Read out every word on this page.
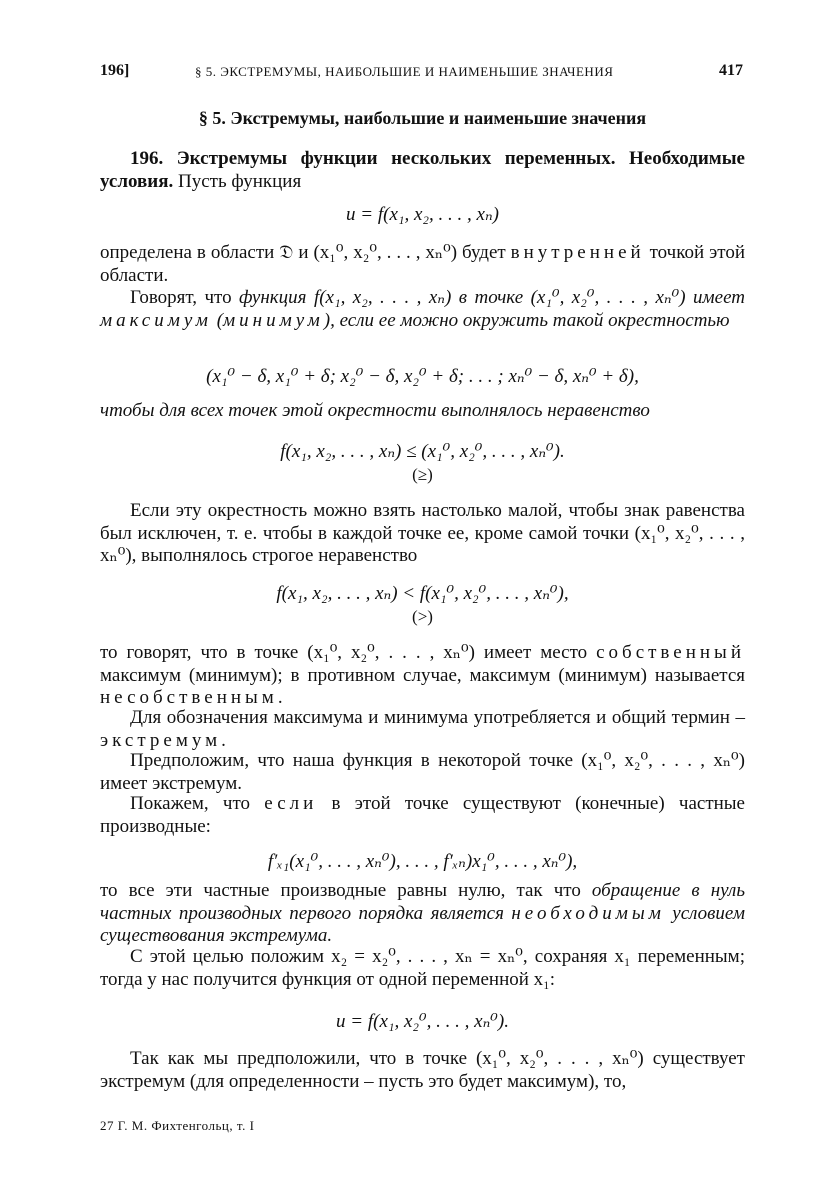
196]	§ 5. ЭКСТРЕМУМЫ, НАИБОЛЬШИЕ И НАИМЕНЬШИЕ ЗНАЧЕНИЯ	417
§ 5. Экстремумы, наибольшие и наименьшие значения

196. Экстремумы функции нескольких переменных. Необходимые условия. Пусть функция

u = f(x₁, x₂, . . . , xₙ)

определена в области 𝔇 и (x₁⁰, x₂⁰, . . . , xₙ⁰) будет внутренней точкой этой области.

Говорят, что функция f(x₁, x₂, . . . , xₙ) в точке (x₁⁰, x₂⁰, . . . , xₙ⁰) имеет максимум (минимум), если ее можно окружить такой окрестностью

(x₁⁰ − δ, x₁⁰ + δ; x₂⁰ − δ, x₂⁰ + δ; . . . ; xₙ⁰ − δ, xₙ⁰ + δ),

чтобы для всех точек этой окрестности выполнялось неравенство

f(x₁, x₂, . . . , xₙ) ≤ (x₁⁰, x₂⁰, . . . , xₙ⁰).
(≥)

Если эту окрестность можно взять настолько малой, чтобы знак равенства был исключен, т. е. чтобы в каждой точке ее, кроме самой точки (x₁⁰, x₂⁰, . . . , xₙ⁰), выполнялось строгое неравенство

f(x₁, x₂, . . . , xₙ) < f(x₁⁰, x₂⁰, . . . , xₙ⁰),
(>)

то говорят, что в точке (x₁⁰, x₂⁰, . . . , xₙ⁰) имеет место собственный максимум (минимум); в противном случае, максимум (минимум) называется несобственным.

Для обозначения максимума и минимума употребляется и общий термин – экстремум.

Предположим, что наша функция в некоторой точке (x₁⁰, x₂⁰, . . . , xₙ⁰) имеет экстремум.

Покажем, что если в этой точке существуют (конечные) частные производные:

f′ₓ₁(x₁⁰, . . . , xₙ⁰), . . . , f′ₓₙ)x₁⁰, . . . , xₙ⁰),

то все эти частные производные равны нулю, так что обращение в нуль частных производных первого порядка является необходимым условием существования экстремума.

С этой целью положим x₂ = x₂⁰, . . . , xₙ = xₙ⁰, сохраняя x₁ переменным; тогда у нас получится функция от одной переменной x₁:

u = f(x₁, x₂⁰, . . . , xₙ⁰).

Так как мы предположили, что в точке (x₁⁰, x₂⁰, . . . , xₙ⁰) существует экстремум (для определенности – пусть это будет максимум), то,

27 Г. М. Фихтенгольц, т. I
